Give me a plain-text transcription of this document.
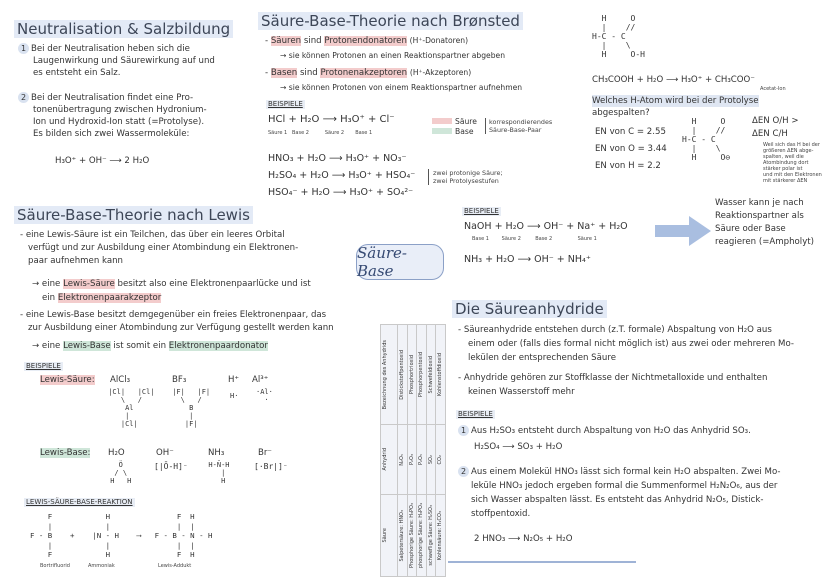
Neutralisation & Salzbildung
1 Bei der Neutralisation heben sich die
Laugenwirkung und Säurewirkung auf und
es entsteht ein Salz.
2 Bei der Neutralisation findet eine Pro-
tonenübertragung zwischen Hydronium-
Ion und Hydroxid-Ion statt (=Protolyse).
Es bilden sich zwei Wassermoleküle:
H₃O⁺ + OH⁻ ⟶ 2 H₂O
Säure-Base-Theorie nach Brønsted
- Säuren sind Protonendonatoren (H⁺-Donatoren)
→ sie können Protonen an einen Reaktionspartner abgeben
- Basen sind Protonenakzeptoren (H⁺-Akzeptoren)
→ sie können Protonen von einem Reaktionspartner aufnehmen
BEISPIELE
HCl + H₂O ⟶ H₃O⁺ + Cl⁻
Säure 1 Base 2	Säure 2 Base 1
Säure
Base
korrespondierendes
Säure-Base-Paar
HNO₃ + H₂O ⟶ H₃O⁺ + NO₃⁻
H₂SO₄ + H₂O ⟶ H₃O⁺ + HSO₄⁻
HSO₄⁻ + H₂O ⟶ H₃O⁺ + SO₄²⁻
zwei protonige Säure;
zwei Protolysestufen
H     O
|    //
H-C - C
|    \
H     O-H
CH₃COOH + H₂O ⟶ H₃O⁺ + CH₃COO⁻
Acetat-Ion
Welches H-Atom wird bei der Protolyse
abgespalten?
EN von C = 2.55
EN von O = 3.44
EN von H = 2.2
H     O
|    //
H-C - C
|    \
H     O⊖
ΔEN O/H >
ΔEN C/H
Weil sich das H bei der
größeren ΔEN abge-
spalten, weil die
Atombindung dort
stärker polar ist
und mit den Elektronen
mit stärkerer ΔEN
BEISPIELE
NaOH + H₂O ⟶ OH⁻ + Na⁺ + H₂O
Base 1	Säure 2	Base 2	Säure 1
NH₃ + H₂O ⟶ OH⁻ + NH₄⁺
Wasser kann je nach
Reaktionspartner als
Säure oder Base
reagieren (=Ampholyt)
Säure-Base
Säure-Base-Theorie nach Lewis
- eine Lewis-Säure ist ein Teilchen, das über ein leeres Orbital
verfügt und zur Ausbildung einer Atombindung ein Elektronen-
paar aufnehmen kann
→ eine Lewis-Säure besitzt also eine Elektronenpaarlücke und ist
ein Elektronenpaarakzeptor
- eine Lewis-Base besitzt demgegenüber ein freies Elektronenpaar, das
zur Ausbildung einer Atombindung zur Verfügung gestellt werden kann
→ eine Lewis-Base ist somit ein Elektronenpaardonator
BEISPIELE
Lewis-Säure: AlCl₃	BF₃	H⁺ Al³⁺
|Cl|   |Cl|
\   /
Al
|
|Cl|
|F|   |F|
\   /
B
|
|F|
H·	·Al·
·
Lewis-Base: H₂O	OH⁻	NH₃	Br⁻
Ö
/ \
H   H
[|Ō-H]⁻	H-N̈-H
|
H
[·Br|]⁻
LEWIS-SÄURE-BASE-REAKTION
F            H               F  H
|            |               |  |
F - B    +    |N - H    ⟶   F - B - N - H
|            |               |  |
F            H               F  H
Bortrifluorid	Ammoniak	Lewis-Addukt
Bezeichnung des Anhydrids	Distickstoffpentoxid	Phosphortrioxid	Phosphorpentoxid	Schwefeldioxid	Kohlenstoffdioxid

Anhydrid	N₂O₅	P₂O₃	P₂O₅	SO₂	CO₂

Säure	Salpetersäure: HNO₃	Phosphorige Säure: H₃PO₃	phosphorige Säure: H₃PO₄	schweflige Säure: H₂SO₃	Kohlensäure: H₂CO₃
Die Säureanhydride
- Säureanhydride entstehen durch (z.T. formale) Abspaltung von H₂O aus
einem oder (falls dies formal nicht möglich ist) aus zwei oder mehreren Mo-
lekülen der entsprechenden Säure
- Anhydride gehören zur Stoffklasse der Nichtmetalloxide und enthalten
keinen Wasserstoff mehr
BEISPIELE
1 Aus H₂SO₃ entsteht durch Abspaltung von H₂O das Anhydrid SO₃.
H₂SO₄ ⟶ SO₃ + H₂O
2 Aus einem Molekül HNO₃ lässt sich formal kein H₂O abspalten. Zwei Mo-
leküle HNO₃ jedoch ergeben formal die Summenformel H₂N₂O₆, aus der
sich Wasser abspalten lässt. Es entsteht das Anhydrid N₂O₅, Distick-
stoffpentoxid.
2 HNO₃ ⟶ N₂O₅ + H₂O
